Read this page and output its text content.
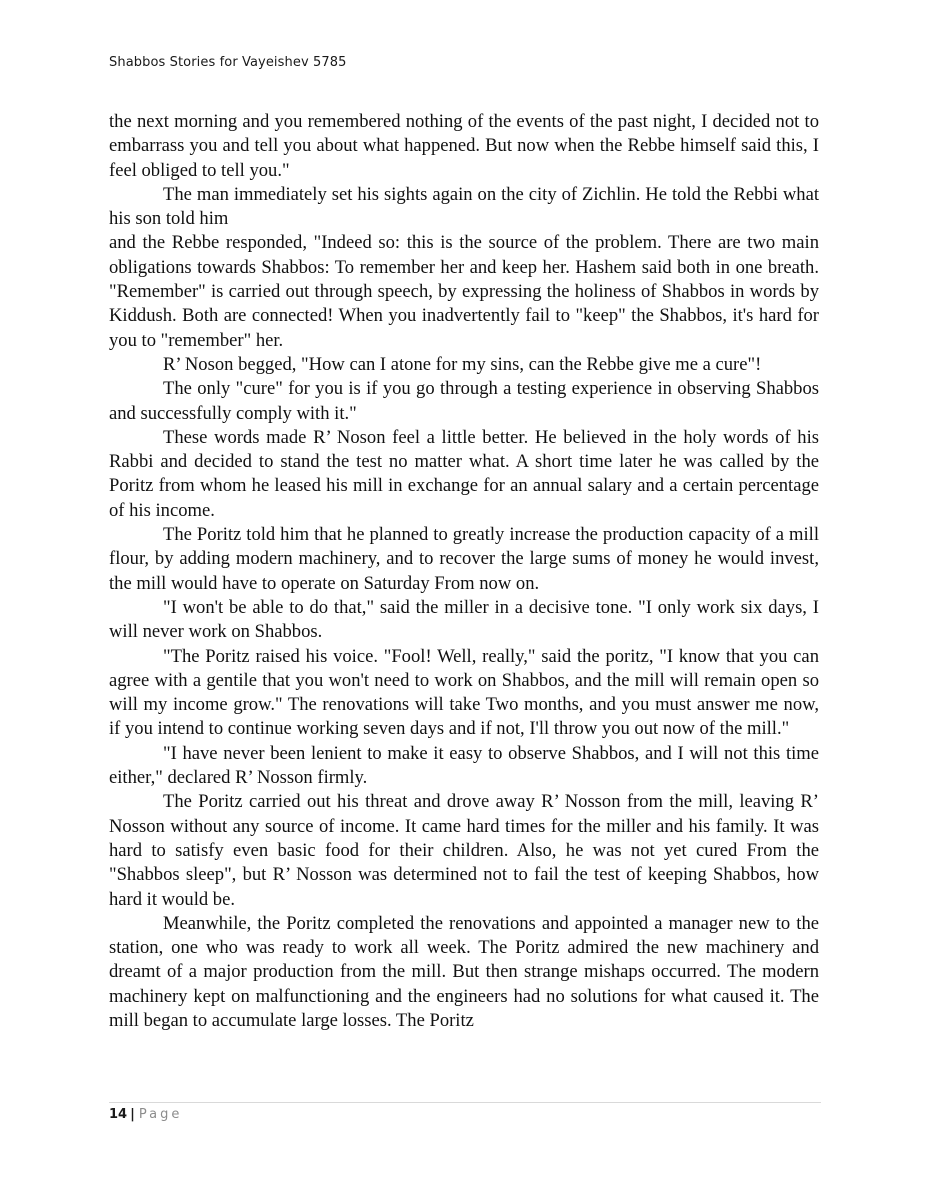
Shabbos Stories for Vayeishev 5785

the next morning and you remembered nothing of the events of the past night, I decided not to embarrass you and tell you about what happened. But now when the Rebbe himself said this, I feel obliged to tell you."

The man immediately set his sights again on the city of Zichlin. He told the Rebbi what his son told him

and the Rebbe responded, "Indeed so: this is the source of the problem. There are two main obligations towards Shabbos: To remember her and keep her. Hashem said both in one breath. "Remember" is carried out through speech, by expressing the holiness of Shabbos in words by Kiddush. Both are connected! When you inadvertently fail to "keep" the Shabbos, it's hard for you to "remember" her.

R’ Noson begged, "How can I atone for my sins, can the Rebbe give me a cure"!

The only "cure" for you is if you go through a testing experience in observing Shabbos and successfully comply with it."

These words made R’ Noson feel a little better. He believed in the holy words of his Rabbi and decided to stand the test no matter what. A short time later he was called by the Poritz from whom he leased his mill in exchange for an annual salary and a certain percentage of his income.

The Poritz told him that he planned to greatly increase the production capacity of a mill flour, by adding modern machinery, and to recover the large sums of money he would invest, the mill would have to operate on Saturday From now on.

"I won't be able to do that," said the miller in a decisive tone. "I only work six days, I will never work on Shabbos.

"The Poritz raised his voice. "Fool! Well, really," said the poritz, "I know that you can agree with a gentile that you won't need to work on Shabbos, and the mill will remain open so will my income grow." The renovations will take Two months, and you must answer me now, if you intend to continue working seven days and if not, I'll throw you out now of the mill."

"I have never been lenient to make it easy to observe Shabbos, and I will not this time either," declared R’ Nosson firmly.

The Poritz carried out his threat and drove away R’ Nosson from the mill, leaving R’ Nosson without any source of income. It came hard times for the miller and his family. It was hard to satisfy even basic food for their children. Also, he was not yet cured From the "Shabbos sleep", but R’ Nosson was determined not to fail the test of keeping Shabbos, how hard it would be.

Meanwhile, the Poritz completed the renovations and appointed a manager new to the station, one who was ready to work all week. The Poritz admired the new machinery and dreamt of a major production from the mill. But then strange mishaps occurred. The modern machinery kept on malfunctioning and the engineers had no solutions for what caused it. The mill began to accumulate large losses. The Poritz

14 | Page
